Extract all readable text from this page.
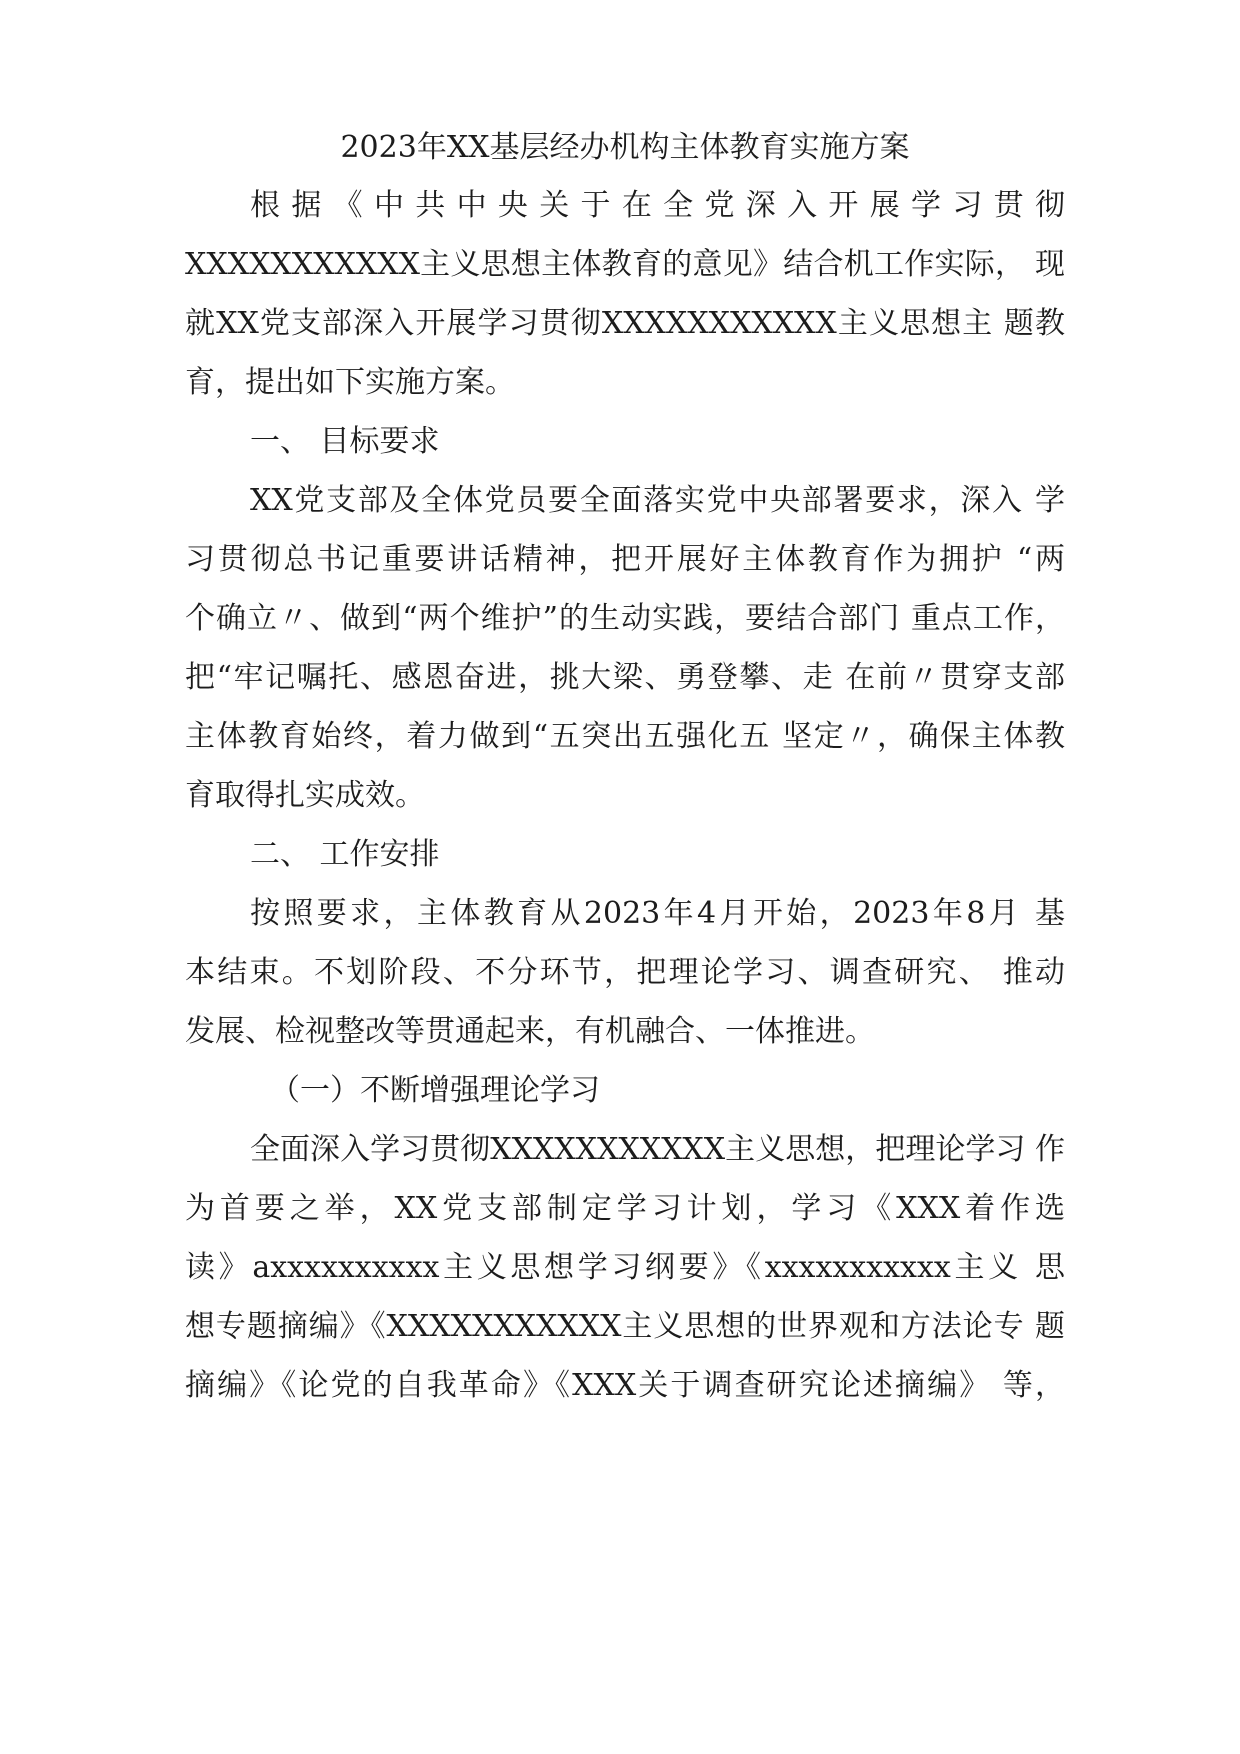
2023年XX基层经办机构主体教育实施方案
根据《中共中央关于在全党深入开展学习贯彻
XXXXXXXXXXX主义思想主体教育的意见》结合机工作实际， 现
就XX党支部深入开展学习贯彻XXXXXXXXXXX主义思想主 题教
育，提出如下实施方案。
一、 目标要求
XX党支部及全体党员要全面落实党中央部署要求，深入 学
习贯彻总书记重要讲话精神，把开展好主体教育作为拥护 “两
个确立〃、做到“两个维护”的生动实践，要结合部门 重点工作，
把“牢记嘱托、感恩奋进，挑大梁、勇登攀、走 在前〃贯穿支部
主体教育始终，着力做到“五突出五强化五 坚定〃，确保主体教
育取得扎实成效。
二、 工作安排
按照要求，主体教育从2023年4月开始，2023年8月 基
本结束。不划阶段、不分环节，把理论学习、调查研究、 推动
发展、检视整改等贯通起来，有机融合、一体推进。
（一）不断增强理论学习
全面深入学习贯彻XXXXXXXXXXX主义思想，把理论学习 作
为首要之举，XX党支部制定学习计划，学习《XXX着作选
读》axxxxxxxxxx主义思想学习纲要》《xxxxxxxxxxx主义 思
想专题摘编》《XXXXXXXXXXX主义思想的世界观和方法论专 题
摘编》《论党的自我革命》《XXX关于调查研究论述摘编》 等，
